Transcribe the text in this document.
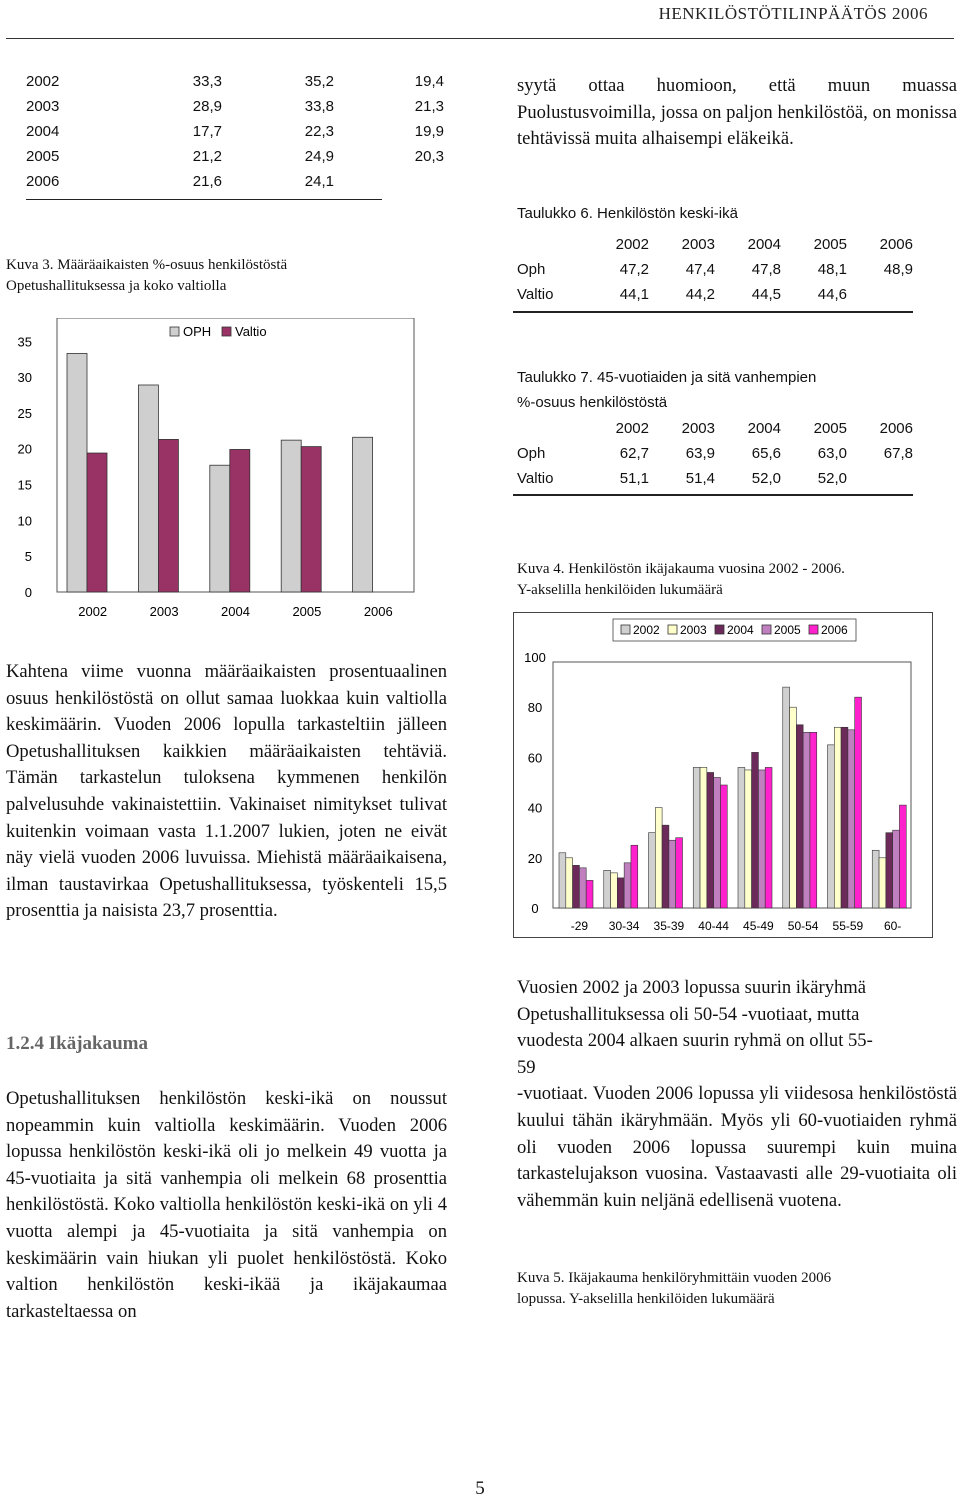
HENKILÖSTÖTILINPÄÄTÖS 2006
2002	33,3	35,2	19,4
2003	28,9	33,8	21,3
2004	17,7	22,3	19,9
2005	21,2	24,9	20,3
2006	21,6	24,1	
Kuva 3. Määräaikaisten %-osuus henkilöstöstä
Opetushallituksessa ja koko valtiolla
0
5
10
15
20
25
30
35
OPH Valtio
2002	2003	2004	2005	2006
Kahtena viime vuonna määräaikaisten prosentuaalinen osuus henkilöstöstä on ollut samaa luokkaa kuin valtiolla keskimäärin. Vuoden 2006 lopulla tarkasteltiin jälleen Opetushallituksen kaikkien määräaikaisten tehtäviä. Tämän tarkastelun tuloksena kymmenen henkilön palvelusuhde vakinaistettiin. Vakinaiset nimitykset tulivat kuitenkin voimaan vasta 1.1.2007 lukien, joten ne eivät näy vielä vuoden 2006 luvuissa. Miehistä määräaikaisena, ilman taustavirkaa Opetushallituksessa, työskenteli 15,5 prosenttia ja naisista 23,7 prosenttia.
1.2.4 Ikäjakauma
Opetushallituksen henkilöstön keski-ikä on noussut nopeammin kuin valtiolla keskimäärin. Vuoden 2006 lopussa henkilöstön keski-ikä oli jo melkein 49 vuotta ja 45-vuotiaita ja sitä vanhempia oli melkein 68 prosenttia henkilöstöstä. Koko valtiolla henkilöstön keski-ikä on yli 4 vuotta alempi ja 45-vuotiaita ja sitä vanhempia on keskimäärin vain hiukan yli puolet henkilöstöstä. Koko valtion henkilöstön keski-ikää ja ikäjakaumaa tarkasteltaessa on
syytä ottaa huomioon, että muun muassa Puolustusvoimilla, jossa on paljon henkilöstöä, on monissa tehtävissä muita alhaisempi eläkeikä.
Taulukko 6. Henkilöstön keski-ikä
	2002	2003	2004	2005	2006
Oph	47,2	47,4	47,8	48,1	48,9
Valtio	44,1	44,2	44,5	44,6	
Taulukko 7. 45-vuotiaiden ja sitä vanhempien
%-osuus henkilöstöstä
	2002	2003	2004	2005	2006
Oph	62,7	63,9	65,6	63,0	67,8
Valtio	51,1	51,4	52,0	52,0	
Kuva 4. Henkilöstön ikäjakauma vuosina 2002 - 2006.
Y-akselilla henkilöiden lukumäärä
0
20
40
60
80
100
2002 2003 2004 2005 2006
-29 30-34 35-39 40-44 45-49 50-54 55-59 60-
Vuosien 2002 ja 2003 lopussa suurin ikäryhmä
Opetushallituksessa oli 50-54 -vuotiaat, mutta
vuodesta 2004 alkaen suurin ryhmä on ollut 55-
59
-vuotiaat. Vuoden 2006 lopussa yli viidesosa henkilöstöstä kuului tähän ikäryhmään. Myös yli 60-vuotiaiden ryhmä oli vuoden 2006 lopussa suurempi kuin muina tarkastelujakson vuosina. Vastaavasti alle 29-vuotiaita oli vähemmän kuin neljänä edellisenä vuotena.
Kuva 5. Ikäjakauma henkilöryhmittäin vuoden 2006
lopussa. Y-akselilla henkilöiden lukumäärä
5
